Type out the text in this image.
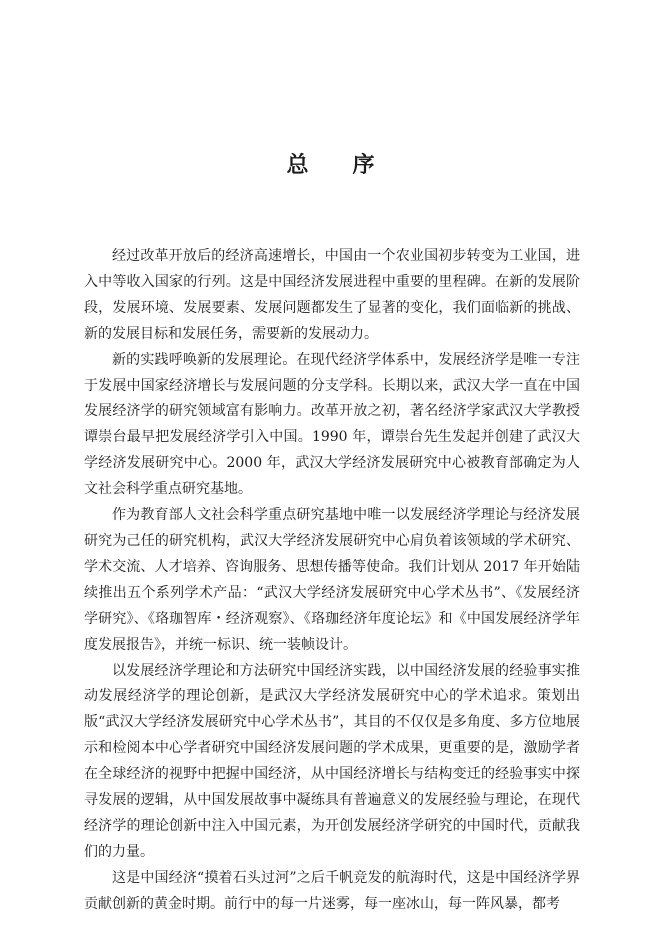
总 序

经过改革开放后的经济高速增长，中国由一个农业国初步转变为工业国，进入中等收入国家的行列。这是中国经济发展进程中重要的里程碑。在新的发展阶段，发展环境、发展要素、发展问题都发生了显著的变化，我们面临新的挑战、新的发展目标和发展任务，需要新的发展动力。

新的实践呼唤新的发展理论。在现代经济学体系中，发展经济学是唯一专注于发展中国家经济增长与发展问题的分支学科。长期以来，武汉大学一直在中国发展经济学的研究领域富有影响力。改革开放之初，著名经济学家武汉大学教授谭崇台最早把发展经济学引入中国。1990 年，谭崇台先生发起并创建了武汉大学经济发展研究中心。2000 年，武汉大学经济发展研究中心被教育部确定为人文社会科学重点研究基地。

作为教育部人文社会科学重点研究基地中唯一以发展经济学理论与经济发展研究为己任的研究机构，武汉大学经济发展研究中心肩负着该领域的学术研究、学术交流、人才培养、咨询服务、思想传播等使命。我们计划从 2017 年开始陆续推出五个系列学术产品：“武汉大学经济发展研究中心学术丛书”、《发展经济学研究》、《珞珈智库・经济观察》、《珞珈经济年度论坛》和《中国发展经济学年度发展报告》，并统一标识、统一装帧设计。

以发展经济学理论和方法研究中国经济实践，以中国经济发展的经验事实推动发展经济学的理论创新，是武汉大学经济发展研究中心的学术追求。策划出版“武汉大学经济发展研究中心学术丛书”，其目的不仅仅是多角度、多方位地展示和检阅本中心学者研究中国经济发展问题的学术成果，更重要的是，激励学者在全球经济的视野中把握中国经济，从中国经济增长与结构变迁的经验事实中探寻发展的逻辑，从中国发展故事中凝练具有普遍意义的发展经验与理论，在现代经济学的理论创新中注入中国元素，为开创发展经济学研究的中国时代，贡献我们的力量。

这是中国经济“摸着石头过河”之后千帆竞发的航海时代，这是中国经济学界贡献创新的黄金时期。前行中的每一片迷雾，每一座冰山，每一阵风暴，都考
